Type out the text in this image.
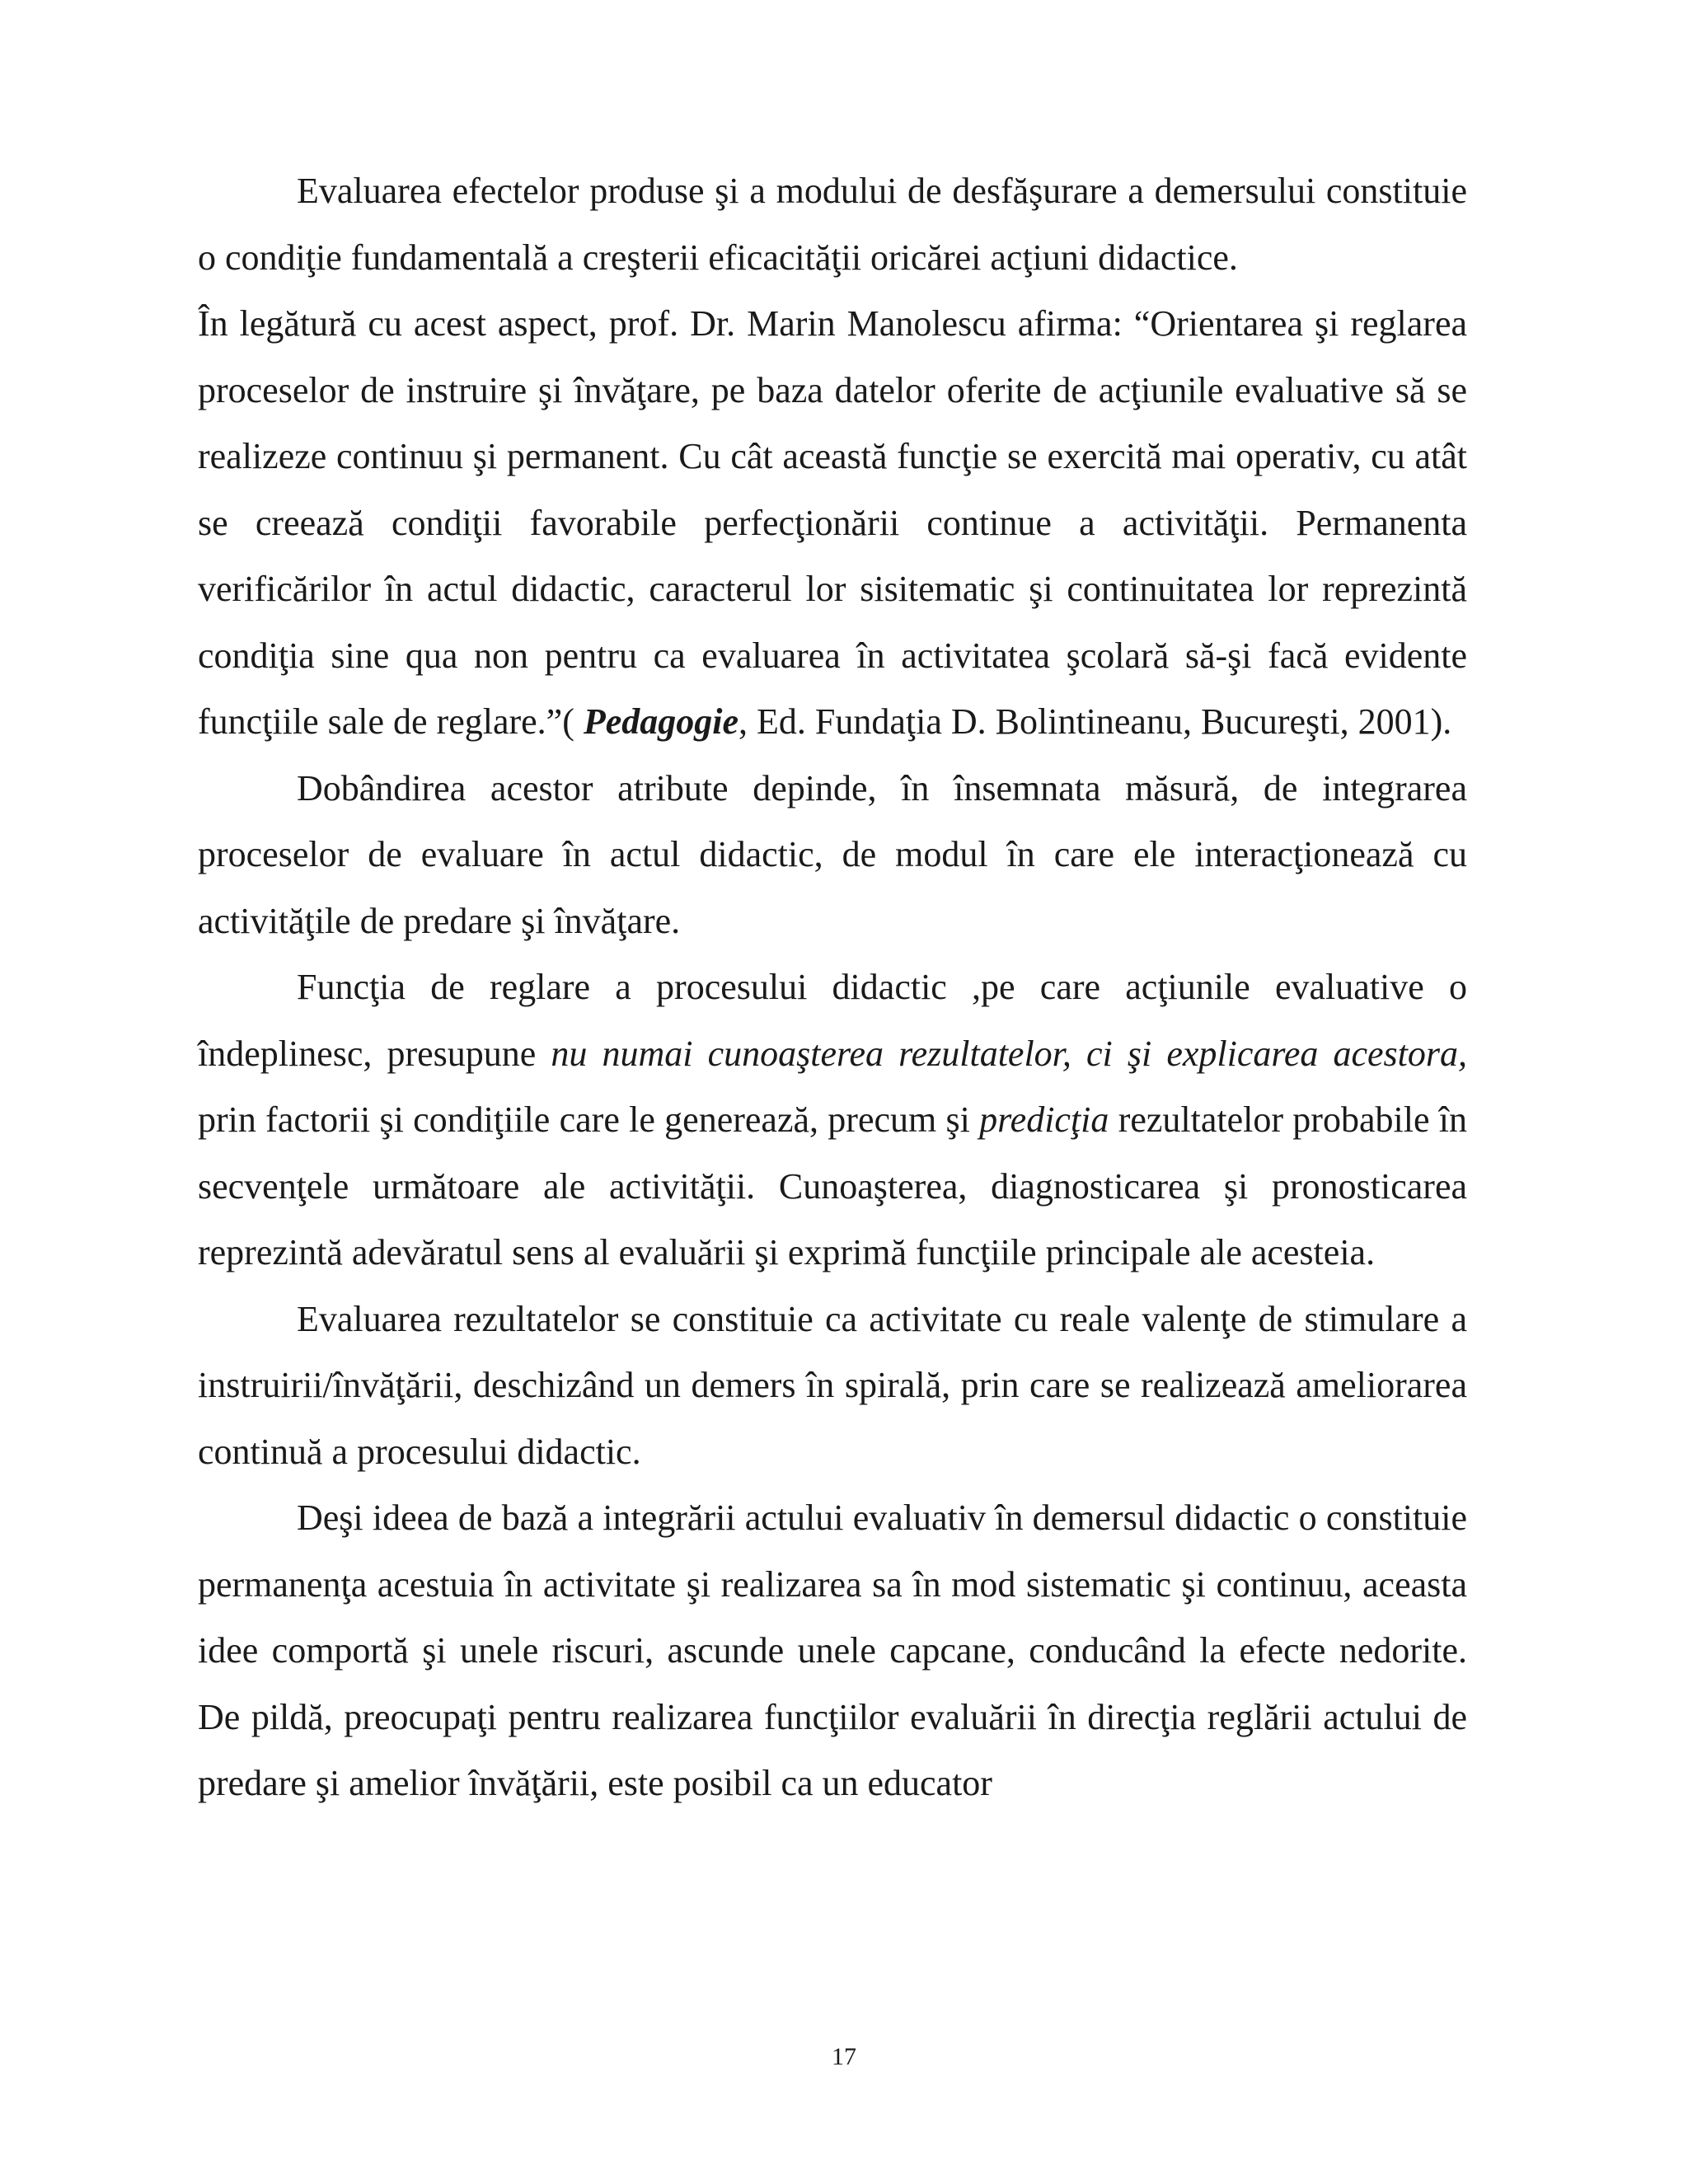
Evaluarea efectelor produse şi a modului de desfăşurare a demersului constituie o condiţie fundamentală a creşterii eficacităţii oricărei acţiuni didactice.

În legătură cu acest aspect, prof. Dr. Marin Manolescu afirma: “Orientarea şi reglarea proceselor de instruire şi învăţare, pe baza datelor oferite de acţiunile evaluative să se realizeze continuu şi permanent. Cu cât această funcţie se exercită mai operativ, cu atât se creează condiţii favorabile perfecţionării continue a activităţii. Permanenta verificărilor în actul didactic, caracterul lor sisitematic şi continuitatea lor reprezintă condiţia sine qua non pentru ca evaluarea în activitatea şcolară să-şi facă evidente funcţiile sale de reglare.”( Pedagogie, Ed. Fundaţia D. Bolintineanu, Bucureşti, 2001).

Dobândirea acestor atribute depinde, în însemnata măsură, de integrarea proceselor de evaluare în actul didactic, de modul în care ele interacţionează cu activităţile de predare şi învăţare.

Funcţia de reglare a procesului didactic ,pe care acţiunile evaluative o îndeplinesc, presupune nu numai cunoaşterea rezultatelor, ci şi explicarea acestora, prin factorii şi condiţiile care le generează, precum şi predicţia rezultatelor probabile în secvenţele următoare ale activităţii. Cunoaşterea, diagnosticarea şi pronosticarea reprezintă adevăratul sens al evaluării şi exprimă funcţiile principale ale acesteia.

Evaluarea rezultatelor se constituie ca activitate cu reale valenţe de stimulare a instruirii/învăţării, deschizând un demers în spirală, prin care se realizează ameliorarea continuă a procesului didactic.

Deşi ideea de bază a integrării actului evaluativ în demersul didactic o constituie permanenţa acestuia în activitate şi realizarea sa în mod sistematic şi continuu, aceasta idee comportă şi unele riscuri, ascunde unele capcane, conducând la efecte nedorite. De pildă, preocupaţi pentru realizarea funcţiilor evaluării în direcţia reglării actului de predare şi amelior învăţării, este posibil ca un educator

17
